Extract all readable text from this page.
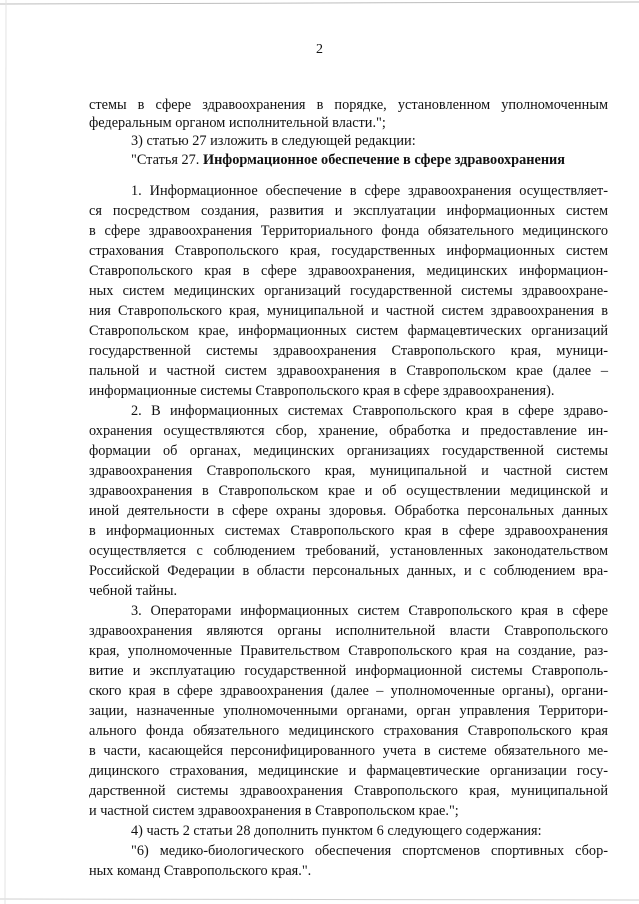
2
стемы в сфере здравоохранения в порядке, установленном уполномоченным
федеральным органом исполнительной власти.";
3) статью 27 изложить в следующей редакции:
"Статья 27. Информационное обеспечение в сфере здравоохранения
1. Информационное обеспечение в сфере здравоохранения осуществляет-
ся посредством создания, развития и эксплуатации информационных систем
в сфере здравоохранения Территориального фонда обязательного медицинского
страхования Ставропольского края, государственных информационных систем
Ставропольского края в сфере здравоохранения, медицинских информацион-
ных систем медицинских организаций государственной системы здравоохране-
ния Ставропольского края, муниципальной и частной систем здравоохранения в
Ставропольском крае, информационных систем фармацевтических организаций
государственной системы здравоохранения Ставропольского края, муници-
пальной и частной систем здравоохранения в Ставропольском крае (далее –
информационные системы Ставропольского края в сфере здравоохранения).
2. В информационных системах Ставропольского края в сфере здраво-
охранения осуществляются сбор, хранение, обработка и предоставление ин-
формации об органах, медицинских организациях государственной системы
здравоохранения Ставропольского края, муниципальной и частной систем
здравоохранения в Ставропольском крае и об осуществлении медицинской и
иной деятельности в сфере охраны здоровья. Обработка персональных данных
в информационных системах Ставропольского края в сфере здравоохранения
осуществляется с соблюдением требований, установленных законодательством
Российской Федерации в области персональных данных, и с соблюдением вра-
чебной тайны.
3. Операторами информационных систем Ставропольского края в сфере
здравоохранения являются органы исполнительной власти Ставропольского
края, уполномоченные Правительством Ставропольского края на создание, раз-
витие и эксплуатацию государственной информационной системы Ставрополь-
ского края в сфере здравоохранения (далее – уполномоченные органы), органи-
зации, назначенные уполномоченными органами, орган управления Территори-
ального фонда обязательного медицинского страхования Ставропольского края
в части, касающейся персонифицированного учета в системе обязательного ме-
дицинского страхования, медицинские и фармацевтические организации госу-
дарственной системы здравоохранения Ставропольского края, муниципальной
и частной систем здравоохранения в Ставропольском крае.";
4) часть 2 статьи 28 дополнить пунктом 6 следующего содержания:
"6) медико-биологического обеспечения спортсменов спортивных сбор-
ных команд Ставропольского края.".
